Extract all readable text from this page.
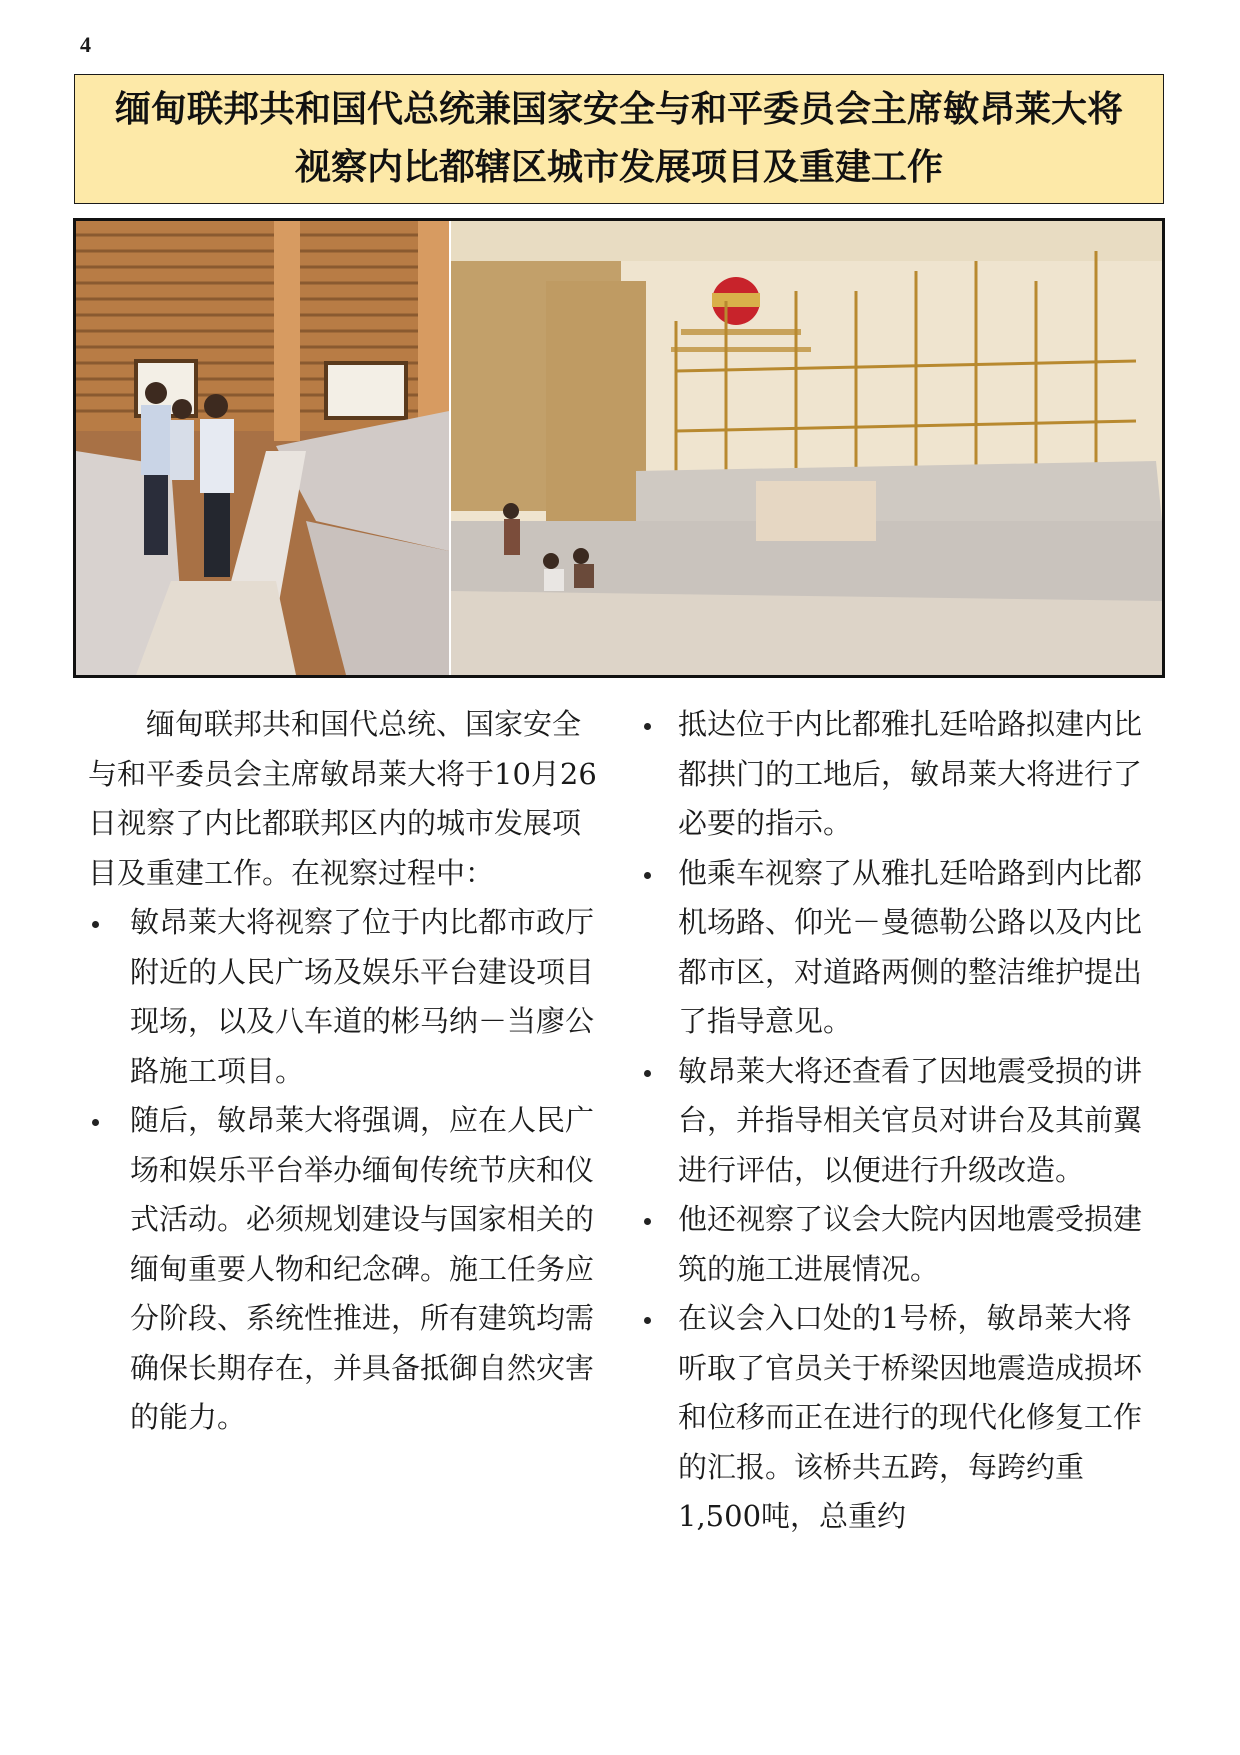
4
缅甸联邦共和国代总统兼国家安全与和平委员会主席敏昂莱大将
视察内比都辖区城市发展项目及重建工作

缅甸联邦共和国代总统、国家安全与和平委员会主席敏昂莱大将于10月26日视察了内比都联邦区内的城市发展项目及重建工作。在视察过程中：

敏昂莱大将视察了位于内比都市政厅附近的人民广场及娱乐平台建设项目现场，以及八车道的彬马纳－当廖公路施工项目。
随后，敏昂莱大将强调，应在人民广场和娱乐平台举办缅甸传统节庆和仪式活动。必须规划建设与国家相关的缅甸重要人物和纪念碑。施工任务应分阶段、系统性推进，所有建筑均需确保长期存在，并具备抵御自然灾害的能力。
抵达位于内比都雅扎廷哈路拟建内比都拱门的工地后，敏昂莱大将进行了必要的指示。
他乘车视察了从雅扎廷哈路到内比都机场路、仰光－曼德勒公路以及内比都市区，对道路两侧的整洁维护提出了指导意见。
敏昂莱大将还查看了因地震受损的讲台，并指导相关官员对讲台及其前翼进行评估，以便进行升级改造。
他还视察了议会大院内因地震受损建筑的施工进展情况。
在议会入口处的1号桥，敏昂莱大将听取了官员关于桥梁因地震造成损坏和位移而正在进行的现代化修复工作的汇报。该桥共五跨，每跨约重1,500吨，总重约
